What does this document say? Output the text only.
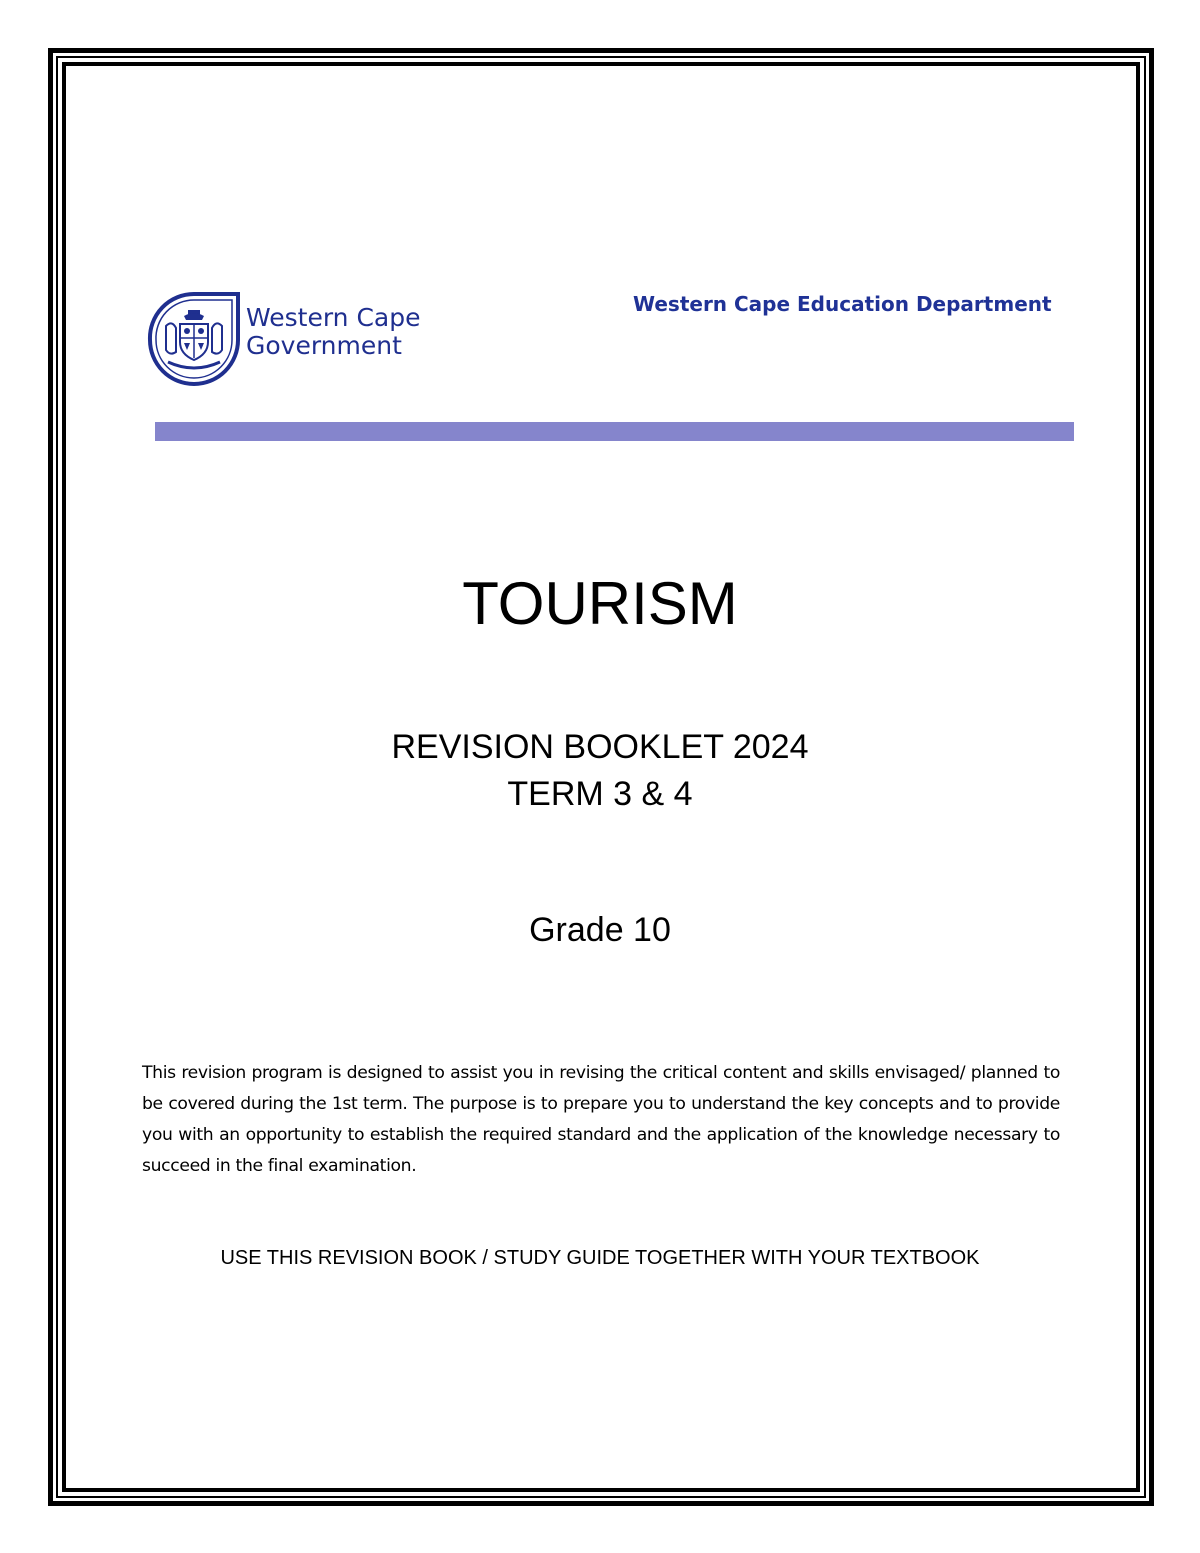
Western Cape
Government
Western Cape Education Department
TOURISM
REVISION BOOKLET 2024
TERM 3 & 4
Grade 10
This revision program is designed to assist you in revising the critical content and skills envisaged/ planned to be covered during the 1st term. The purpose is to prepare you to understand the key concepts and to provide you with an opportunity to establish the required standard and the application of the knowledge necessary to succeed in the final examination.
USE THIS REVISION BOOK / STUDY GUIDE TOGETHER WITH YOUR TEXTBOOK
